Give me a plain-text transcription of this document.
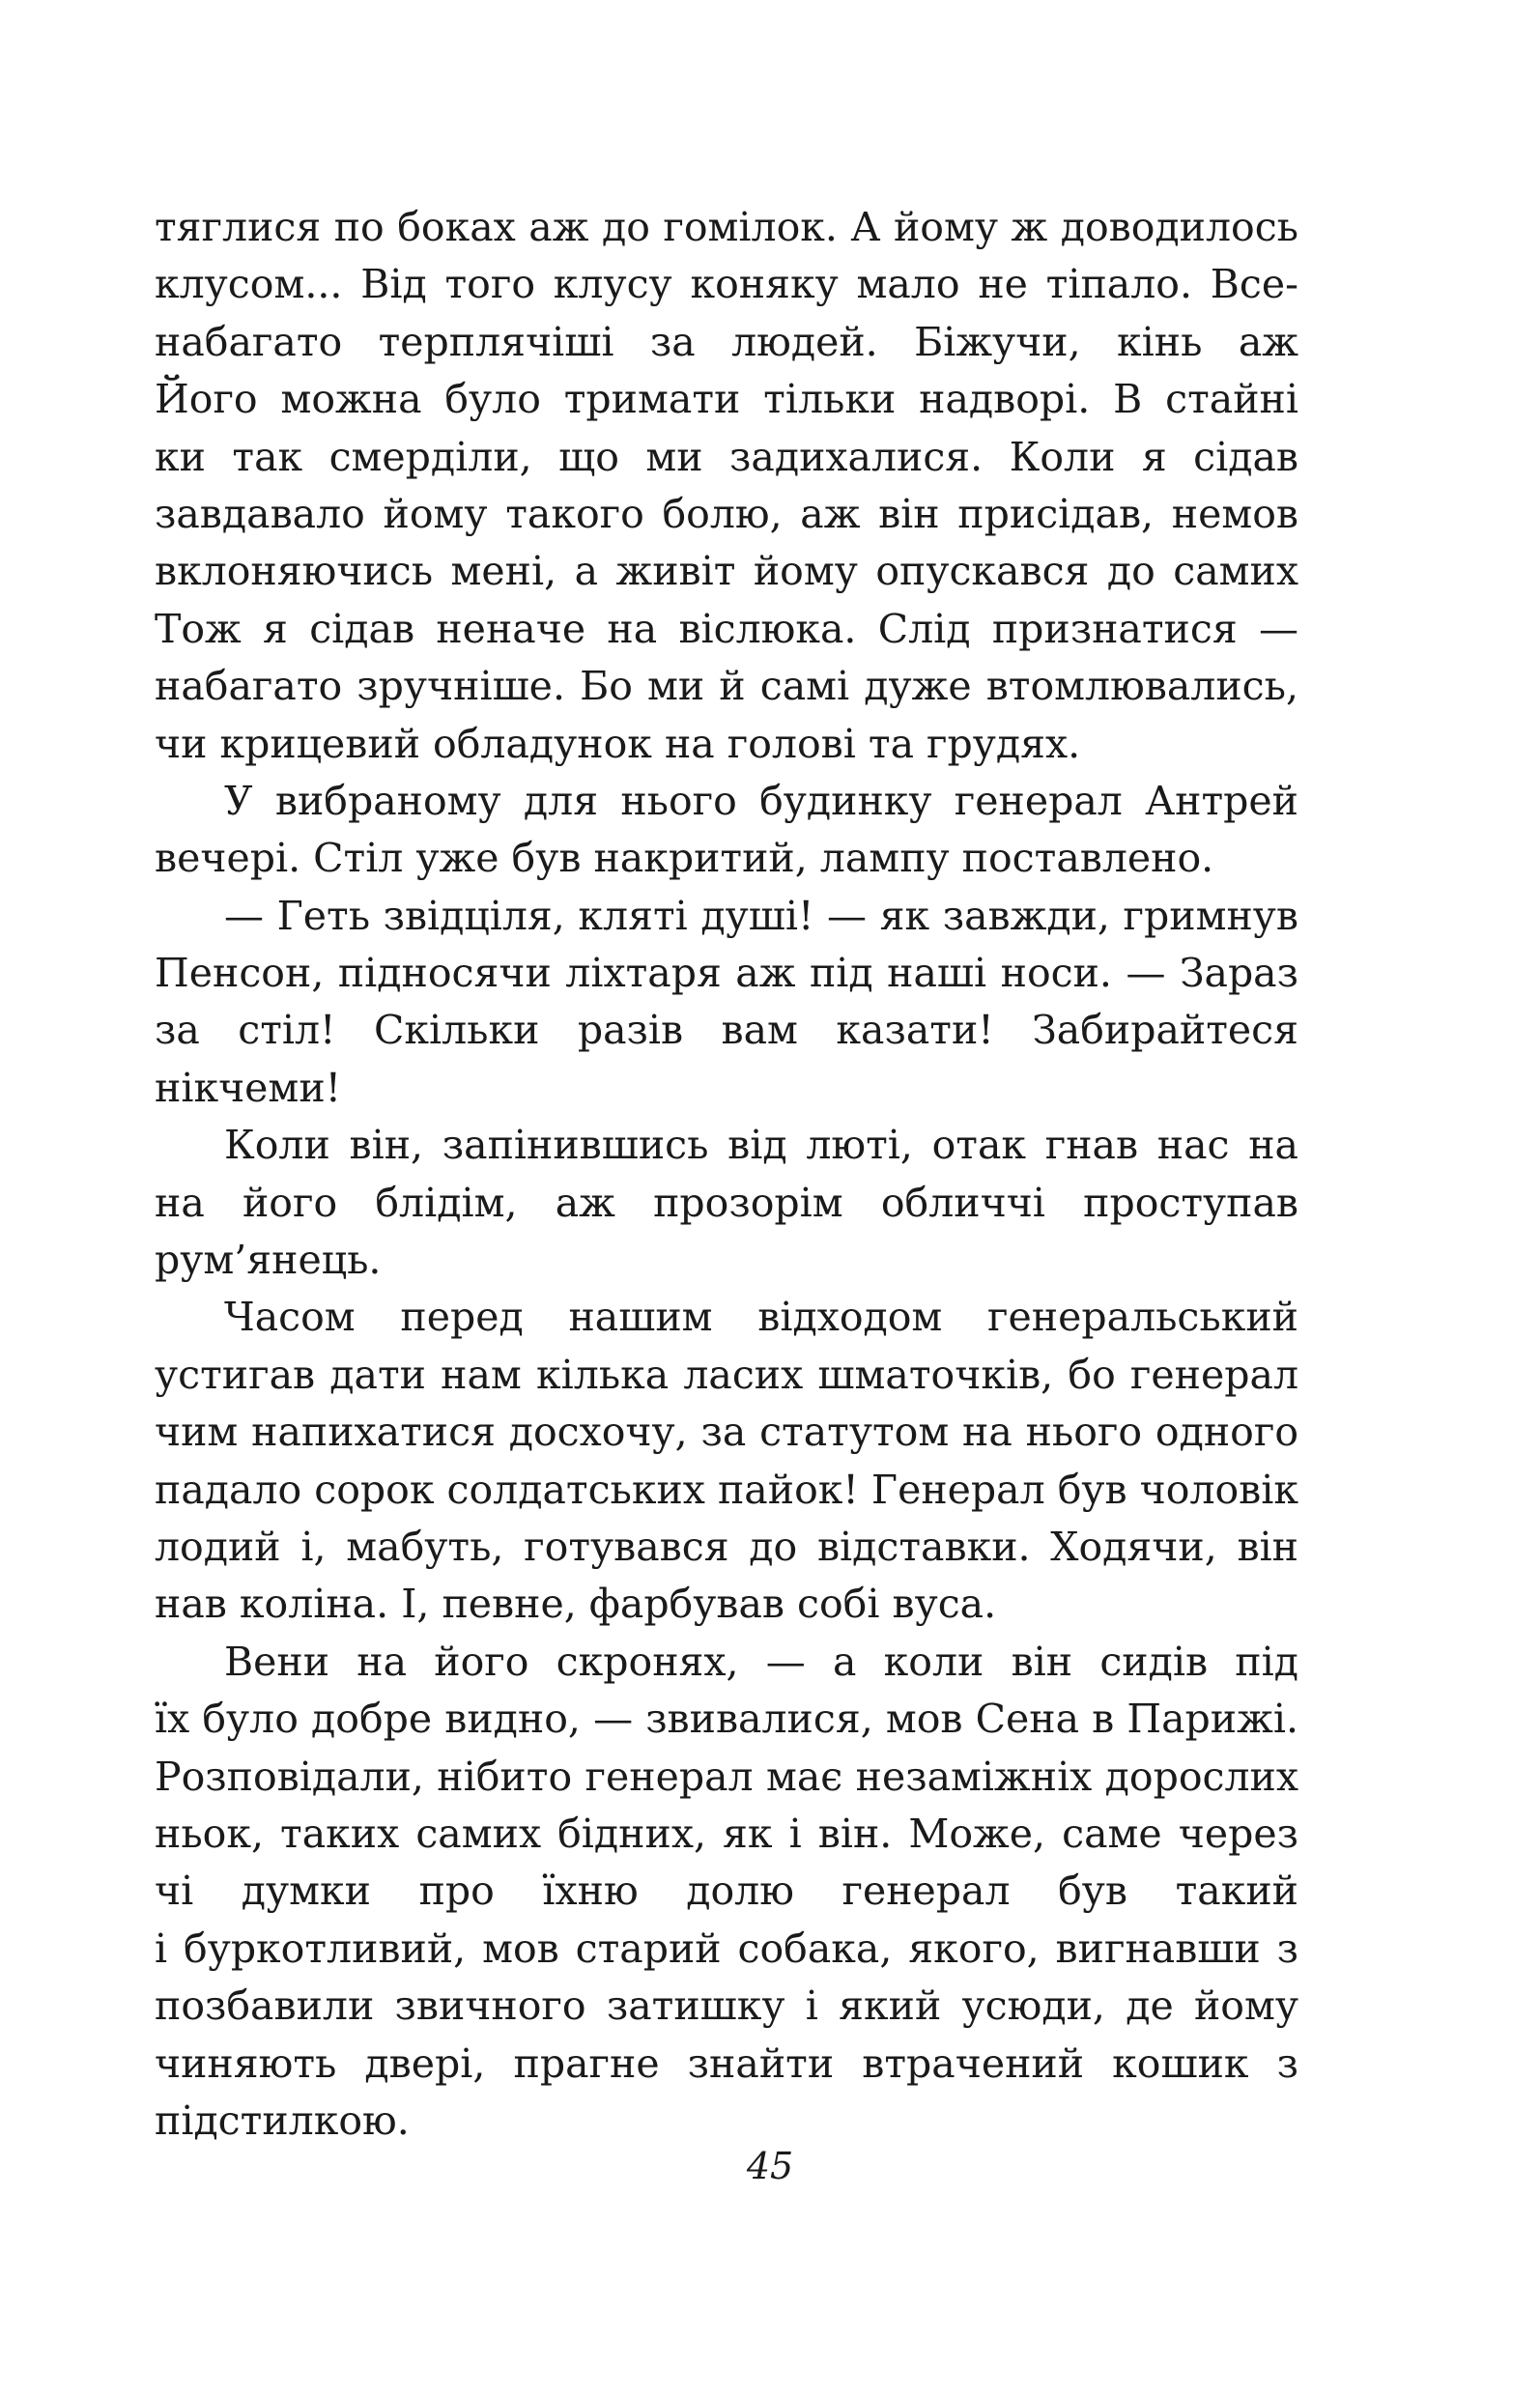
тяглися по боках аж до гомілок. А йому ж доводилось
клусом... Від того клусу коняку мало не тіпало. Все-
набагато терплячіші за людей. Біжучи, кінь аж
Його можна було тримати тільки надворі. В стайні
ки так смерділи, що ми задихалися. Коли я сідав
завдавало йому такого болю, аж він присідав, немов
вклоняючись мені, а живіт йому опускався до самих
Тож я сідав неначе на віслюка. Слід признатися —
набагато зручніше. Бо ми й самі дуже втомлювались,
чи крицевий обладунок на голові та грудях.
У вибраному для нього будинку генерал Антрей
вечері. Стіл уже був накритий, лампу поставлено.
— Геть звідціля, кляті душі! — як завжди, гримнув
Пенсон, підносячи ліхтаря аж під наші носи. — Зараз
за стіл! Скільки разів вам казати! Забирайтеся
нікчеми!
Коли він, запінившись від люті, отак гнав нас на
на його блідім, аж прозорім обличчі проступав
рум’янець.
Часом перед нашим відходом генеральський
устигав дати нам кілька ласих шматочків, бо генерал
чим напихатися досхочу, за статутом на нього одного
падало сорок солдатських пайок! Генерал був чоловік
лодий і, мабуть, готувався до відставки. Ходячи, він
нав коліна. І, певне, фарбував собі вуса.
Вени на його скронях, — а коли він сидів під
їх було добре видно, — звивалися, мов Сена в Парижі.
Розповідали, нібито генерал має незаміжніх дорослих
ньок, таких самих бідних, як і він. Може, саме через
чі думки про їхню долю генерал був такий
і буркотливий, мов старий собака, якого, вигнавши з
позбавили звичного затишку і який усюди, де йому
чиняють двері, прагне знайти втрачений кошик з
підстилкою.
45
